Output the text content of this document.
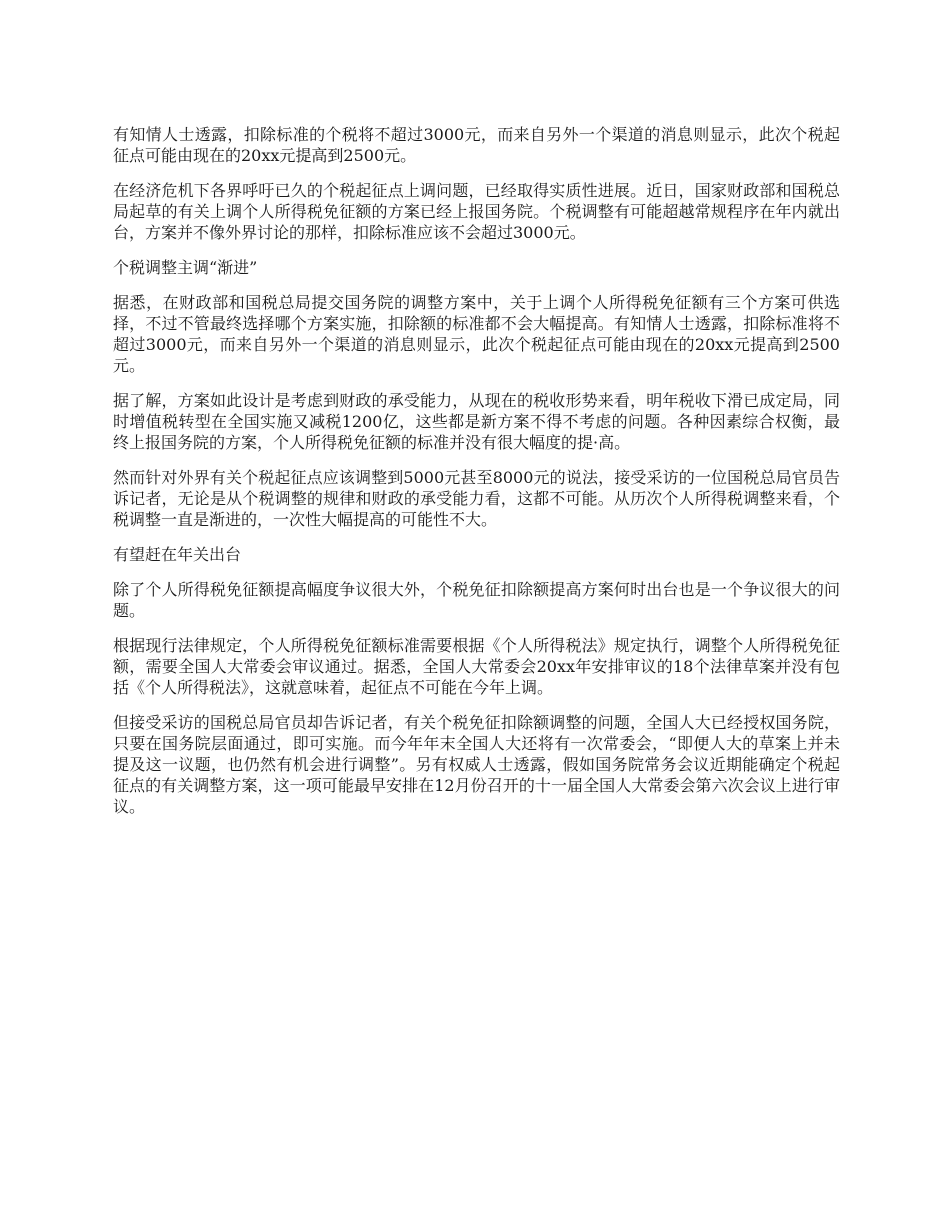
有知情人士透露，扣除标准的个税将不超过3000元，而来自另外一个渠道的消息则显示，此次个税起征点可能由现在的20xx元提高到2500元。

在经济危机下各界呼吁已久的个税起征点上调问题，已经取得实质性进展。近日，国家财政部和国税总局起草的有关上调个人所得税免征额的方案已经上报国务院。个税调整有可能超越常规程序在年内就出台，方案并不像外界讨论的那样，扣除标准应该不会超过3000元。

个税调整主调“渐进”

据悉，在财政部和国税总局提交国务院的调整方案中，关于上调个人所得税免征额有三个方案可供选择，不过不管最终选择哪个方案实施，扣除额的标准都不会大幅提高。有知情人士透露，扣除标准将不超过3000元，而来自另外一个渠道的消息则显示，此次个税起征点可能由现在的20xx元提高到2500元。

据了解，方案如此设计是考虑到财政的承受能力，从现在的税收形势来看，明年税收下滑已成定局，同时增值税转型在全国实施又减税1200亿，这些都是新方案不得不考虑的问题。各种因素综合权衡，最终上报国务院的方案，个人所得税免征额的标准并没有很大幅度的提·高。

然而针对外界有关个税起征点应该调整到5000元甚至8000元的说法，接受采访的一位国税总局官员告诉记者，无论是从个税调整的规律和财政的承受能力看，这都不可能。从历次个人所得税调整来看，个税调整一直是渐进的，一次性大幅提高的可能性不大。

有望赶在年关出台

除了个人所得税免征额提高幅度争议很大外，个税免征扣除额提高方案何时出台也是一个争议很大的问题。

根据现行法律规定，个人所得税免征额标准需要根据《个人所得税法》规定执行，调整个人所得税免征额，需要全国人大常委会审议通过。据悉，全国人大常委会20xx年安排审议的18个法律草案并没有包括《个人所得税法》，这就意味着，起征点不可能在今年上调。

但接受采访的国税总局官员却告诉记者，有关个税免征扣除额调整的问题，全国人大已经授权国务院，只要在国务院层面通过，即可实施。而今年年末全国人大还将有一次常委会，“即便人大的草案上并未提及这一议题，也仍然有机会进行调整”。另有权威人士透露，假如国务院常务会议近期能确定个税起征点的有关调整方案，这一项可能最早安排在12月份召开的十一届全国人大常委会第六次会议上进行审议。
